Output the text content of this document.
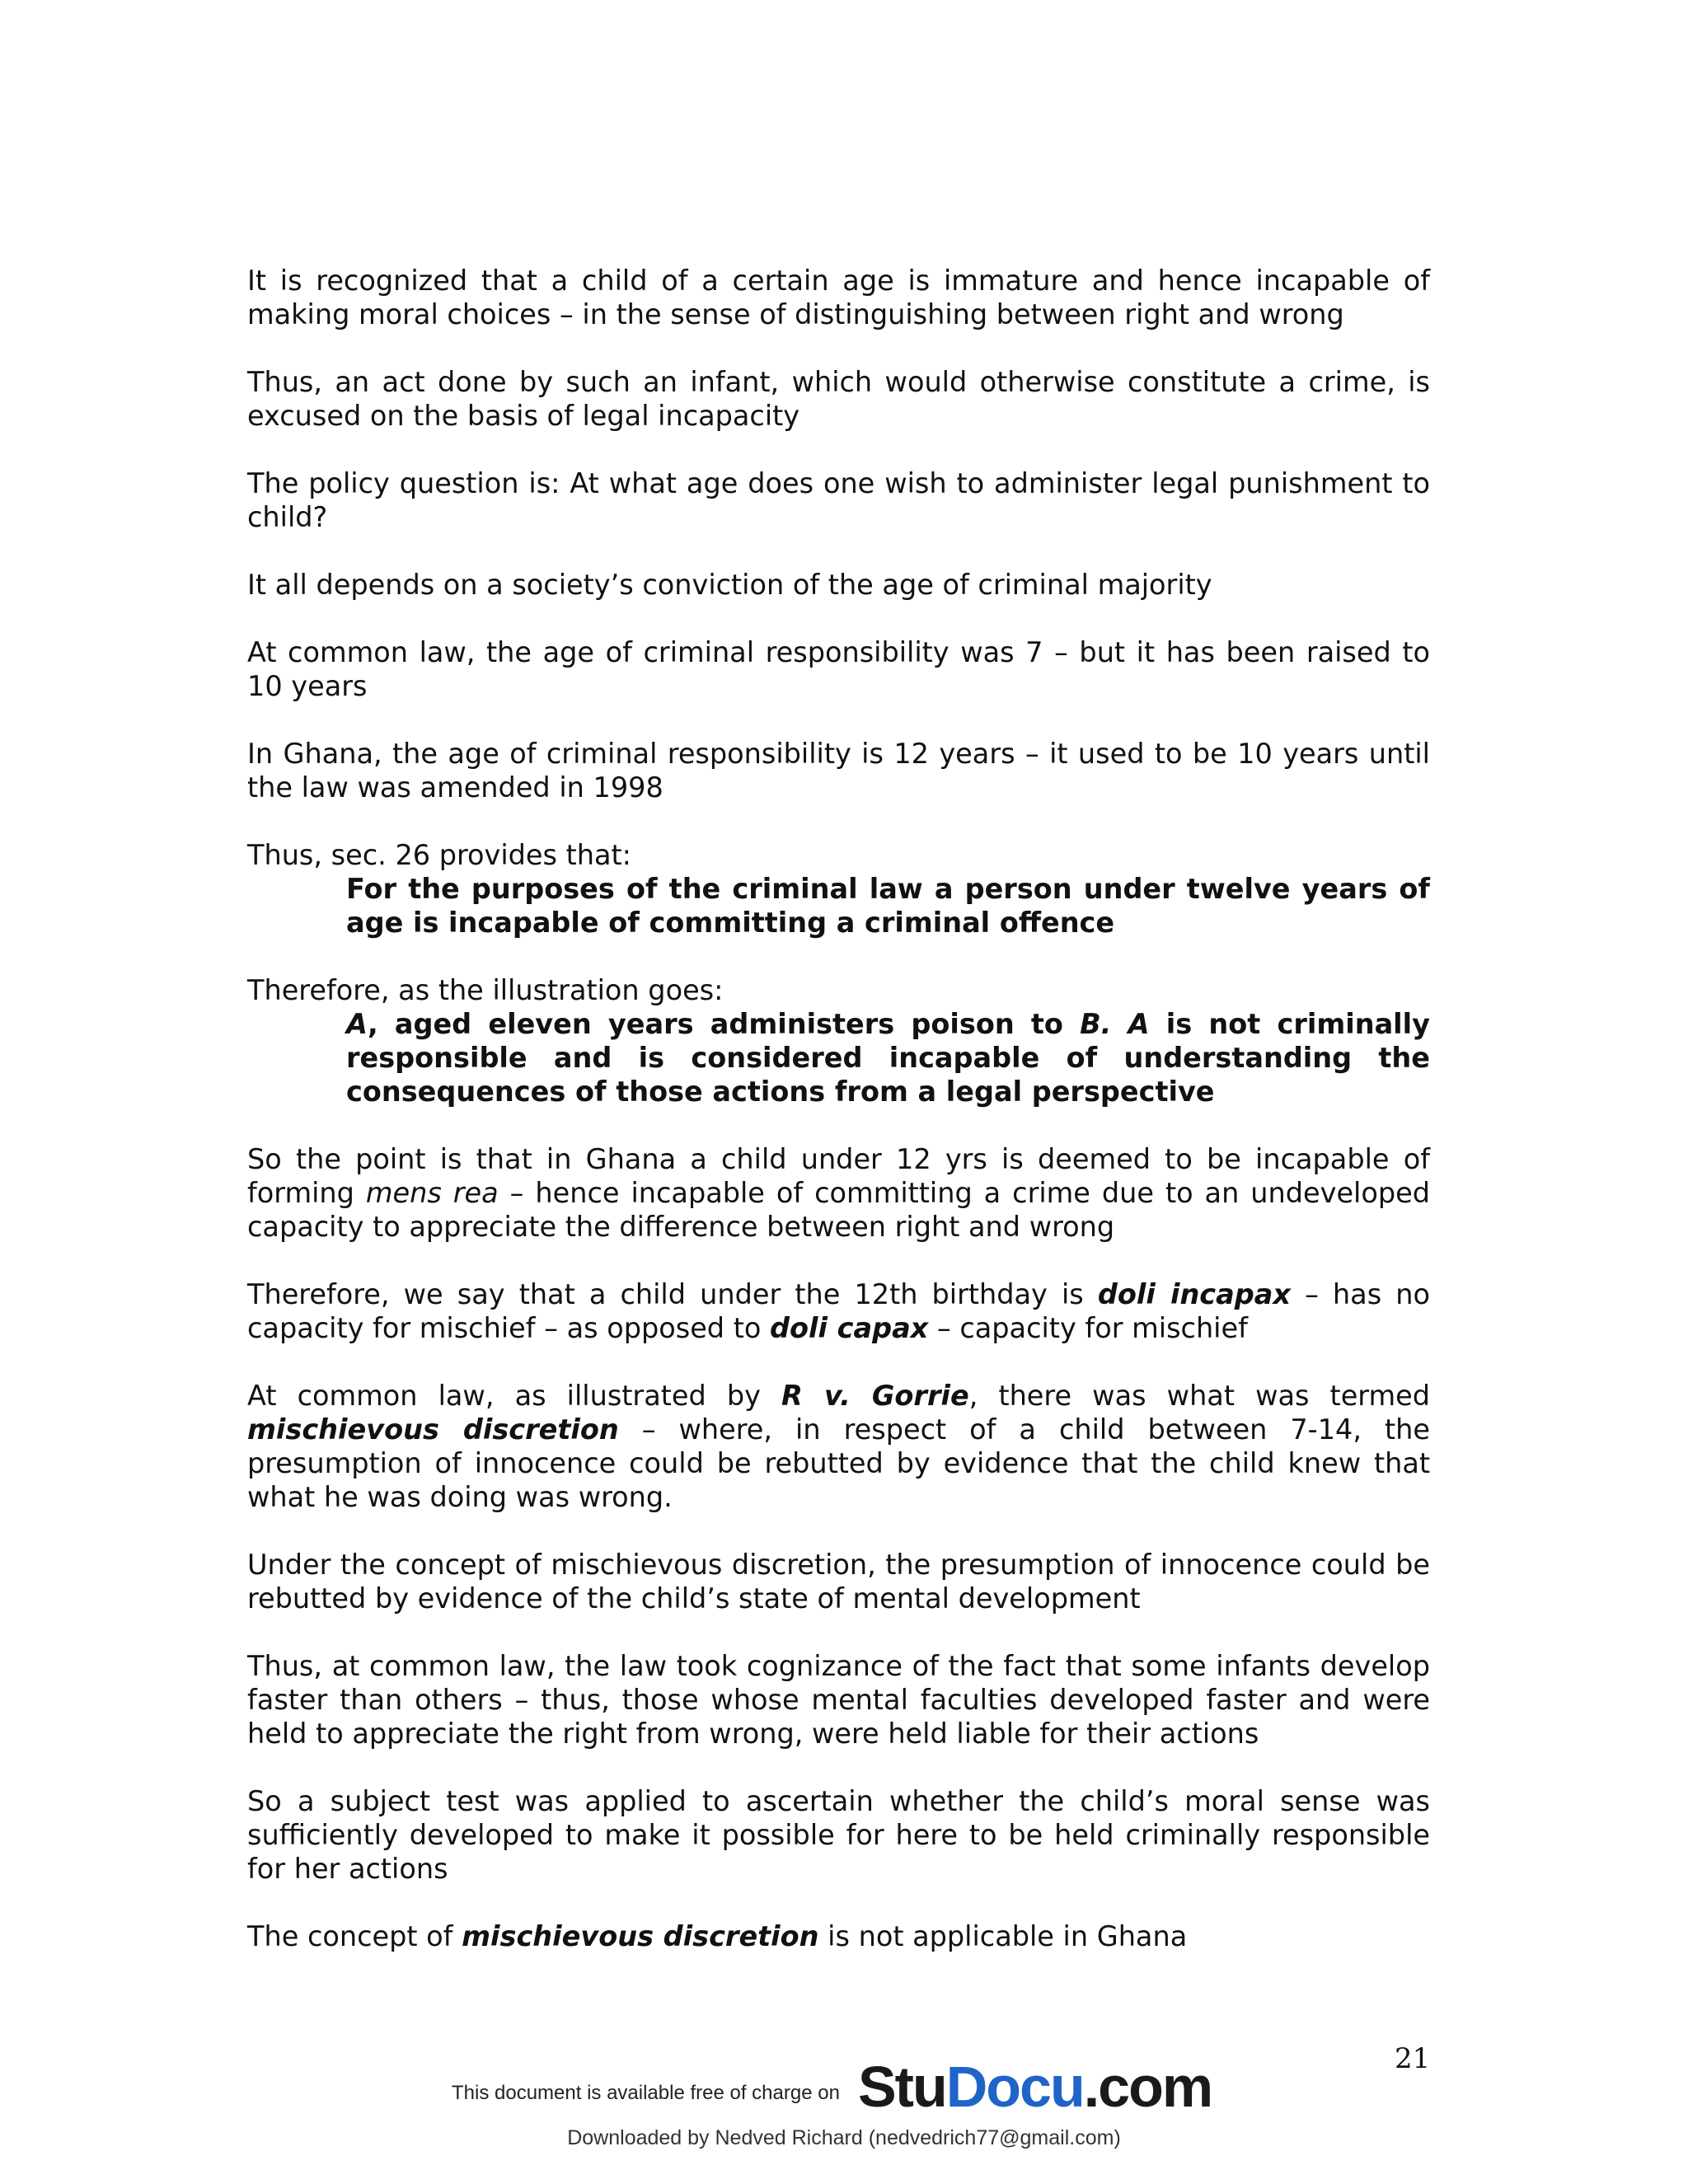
It is recognized that a child of a certain age is immature and hence incapable of making moral choices – in the sense of distinguishing between right and wrong

Thus, an act done by such an infant, which would otherwise constitute a crime, is excused on the basis of legal incapacity

The policy question is: At what age does one wish to administer legal punishment to child?

It all depends on a society’s conviction of the age of criminal majority

At common law, the age of criminal responsibility was 7 – but it has been raised to 10 years

In Ghana, the age of criminal responsibility is 12 years – it used to be 10 years until the law was amended in 1998

Thus, sec. 26 provides that:

For the purposes of the criminal law a person under twelve years of age is incapable of committing a criminal offence

Therefore, as the illustration goes:

A, aged eleven years administers poison to B. A is not criminally responsible and is considered incapable of understanding the consequences of those actions from a legal perspective

So the point is that in Ghana a child under 12 yrs is deemed to be incapable of forming mens rea – hence incapable of committing a crime due to an undeveloped capacity to appreciate the difference between right and wrong

Therefore, we say that a child under the 12th birthday is doli incapax – has no capacity for mischief – as opposed to doli capax – capacity for mischief

At common law, as illustrated by R v. Gorrie, there was what was termed mischievous discretion – where, in respect of a child between 7-14, the presumption of innocence could be rebutted by evidence that the child knew that what he was doing was wrong.

Under the concept of mischievous discretion, the presumption of innocence could be rebutted by evidence of the child’s state of mental development

Thus, at common law, the law took cognizance of the fact that some infants develop faster than others – thus, those whose mental faculties developed faster and were held to appreciate the right from wrong, were held liable for their actions

So a subject test was applied to ascertain whether the child’s moral sense was sufficiently developed to make it possible for here to be held criminally responsible for her actions

The concept of mischievous discretion is not applicable in Ghana

21
This document is available free of charge on StuDocu.com
Downloaded by Nedved Richard (nedvedrich77@gmail.com)
